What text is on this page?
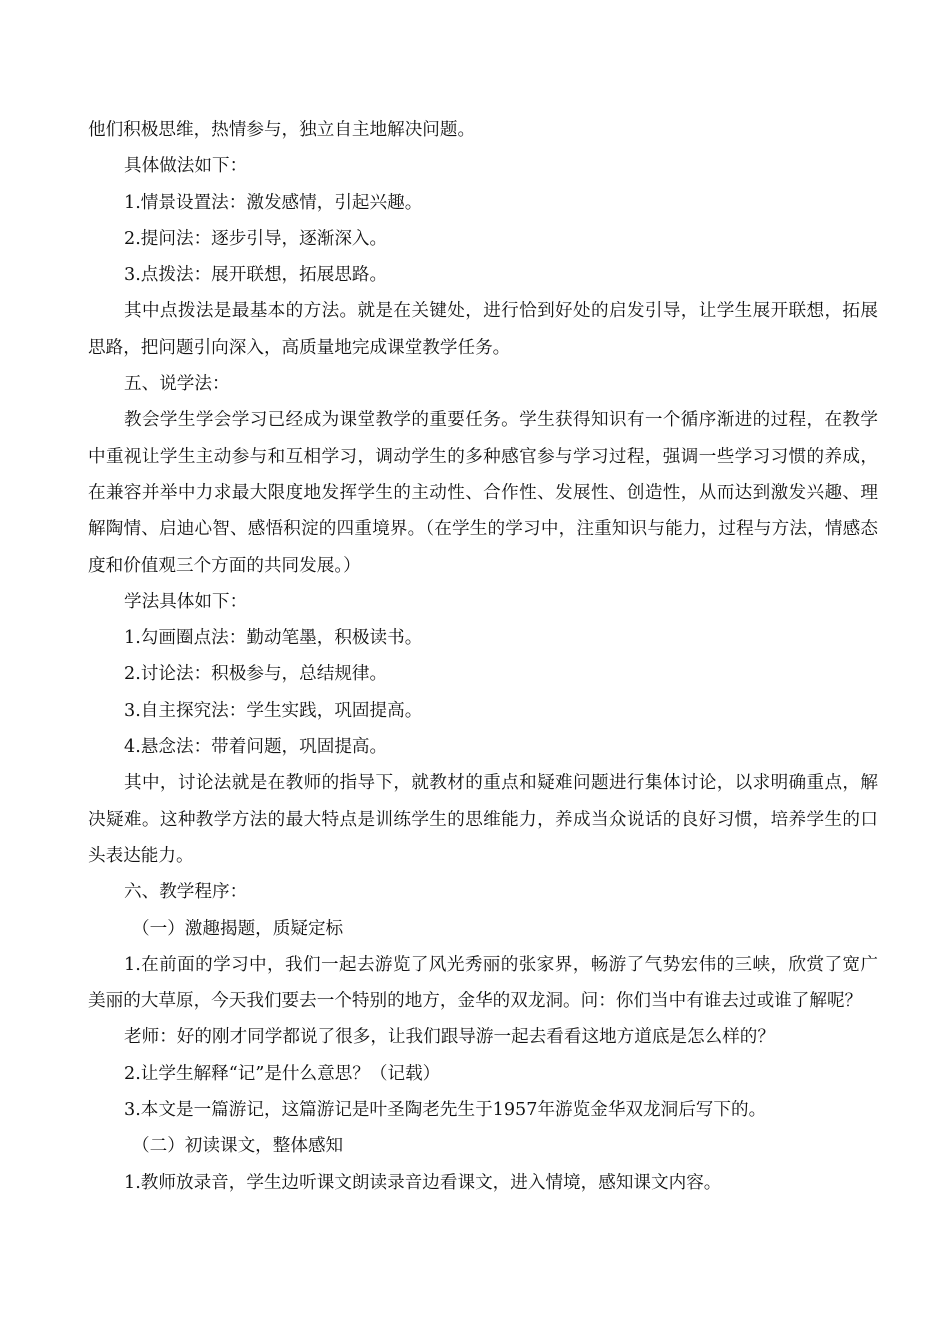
他们积极思维，热情参与，独立自主地解决问题。

具体做法如下：

1.情景设置法：激发感情，引起兴趣。

2.提问法：逐步引导，逐渐深入。

3.点拨法：展开联想，拓展思路。

其中点拨法是最基本的方法。就是在关键处，进行恰到好处的启发引导，让学生展开联想，拓展思路，把问题引向深入，高质量地完成课堂教学任务。

五、说学法：

教会学生学会学习已经成为课堂教学的重要任务。学生获得知识有一个循序渐进的过程，在教学中重视让学生主动参与和互相学习，调动学生的多种感官参与学习过程，强调一些学习习惯的养成，在兼容并举中力求最大限度地发挥学生的主动性、合作性、发展性、创造性，从而达到激发兴趣、理解陶情、启迪心智、感悟积淀的四重境界。（在学生的学习中，注重知识与能力，过程与方法，情感态度和价值观三个方面的共同发展。）

学法具体如下：

1.勾画圈点法：勤动笔墨，积极读书。

2.讨论法：积极参与，总结规律。

3.自主探究法：学生实践，巩固提高。

4.悬念法：带着问题，巩固提高。

其中，讨论法就是在教师的指导下，就教材的重点和疑难问题进行集体讨论，以求明确重点，解决疑难。这种教学方法的最大特点是训练学生的思维能力，养成当众说话的良好习惯，培养学生的口头表达能力。

六、教学程序：

（一）激趣揭题，质疑定标

1.在前面的学习中，我们一起去游览了风光秀丽的张家界，畅游了气势宏伟的三峡，欣赏了宽广美丽的大草原，今天我们要去一个特别的地方，金华的双龙洞。问：你们当中有谁去过或谁了解呢？

老师：好的刚才同学都说了很多，让我们跟导游一起去看看这地方道底是怎么样的？

2.让学生解释“记”是什么意思？（记载）

3.本文是一篇游记，这篇游记是叶圣陶老先生于1957年游览金华双龙洞后写下的。

（二）初读课文，整体感知

1.教师放录音，学生边听课文朗读录音边看课文，进入情境，感知课文内容。
